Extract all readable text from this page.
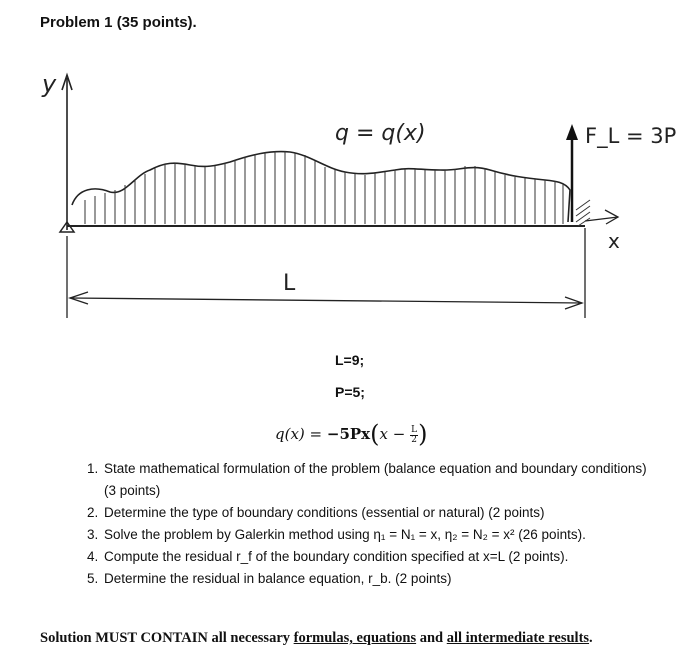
Problem 1 (35 points).
y
x
q = q(x)	F_L = 3P
L
L=9;
P=5;
$q(x) = -5Px(x - \frac{L}{2}$ )
1. State mathematical formulation of the problem (balance equation and boundary conditions) (3 points)
2. Determine the type of boundary conditions (essential or natural) (2 points)
3. Solve the problem by Galerkin method using η₁ = N₁ = x, η₂ = N₂ = x² (26 points).
4. Compute the residual r_f of the boundary condition specified at x=L (2 points).
5. Determine the residual in balance equation, r_b. (2 points)
Solution MUST CONTAIN all necessary formulas, equations and all intermediate results.
